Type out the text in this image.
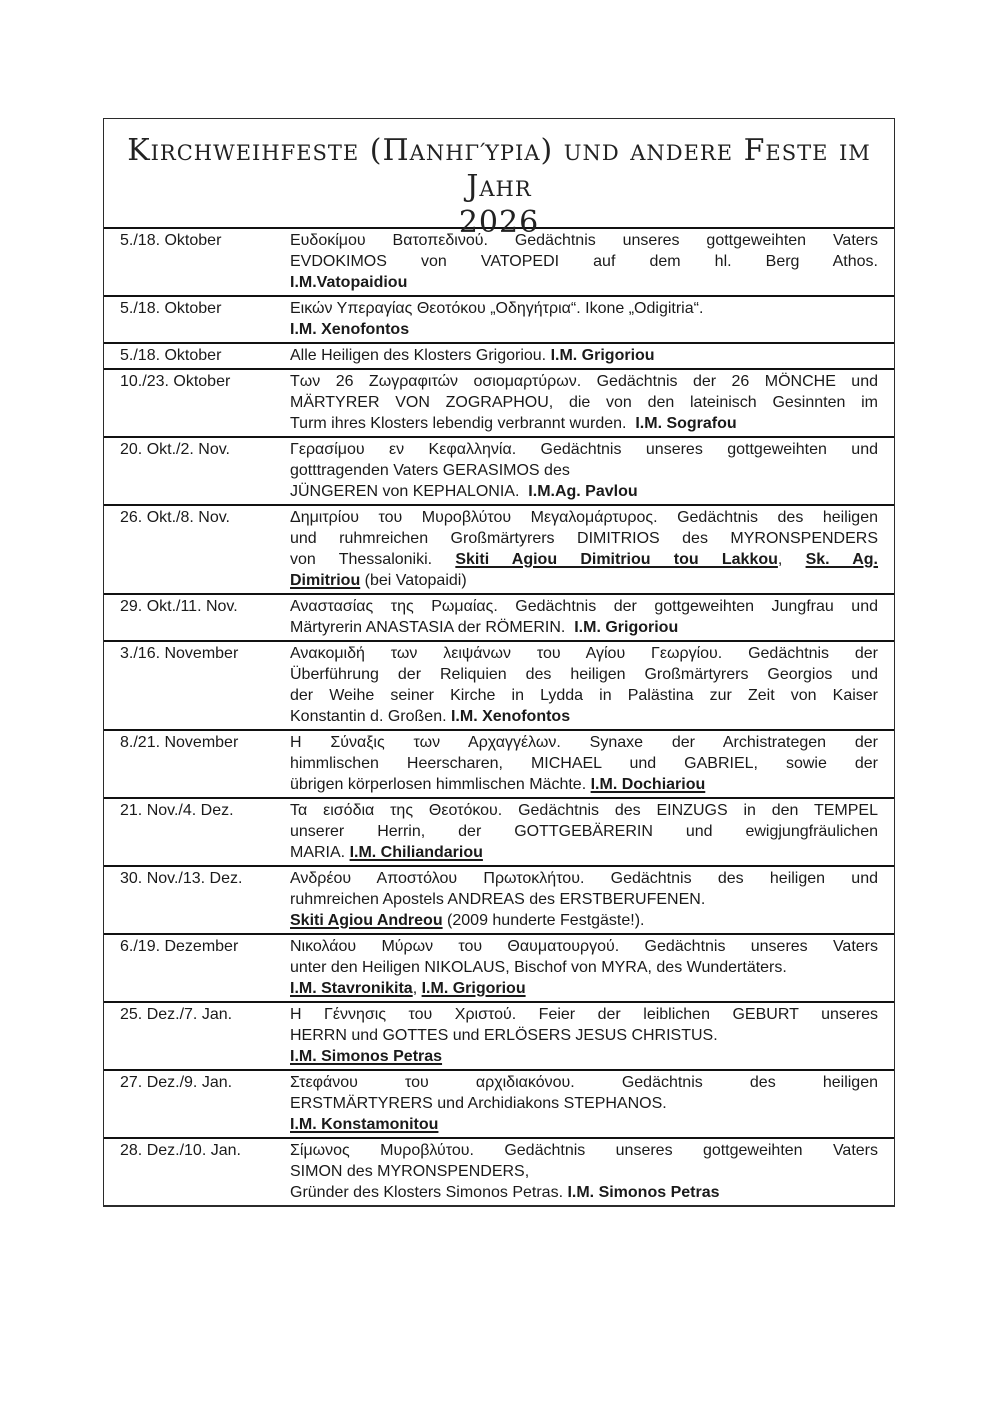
Kirchweihfeste (Πανηγύρια) und andere Feste im Jahr
2026
5./18. Oktober	Ευδοκίμου Βατοπεδινού. Gedächtnis unseres gottgeweihten Vaters
EVDOKIMOS von VATOPEDI auf dem hl. Berg Athos.
I.M.Vatopaidiou
5./18. Oktober	Εικών Υπεραγίας Θεοτόκου „Οδηγήτρια“. Ikone „Odigitria“.
I.M. Xenofontos
5./18. Oktober	Alle Heiligen des Klosters Grigoriou. I.M. Grigoriou
10./23. Oktober	Των 26 Ζωγραφιτών οσιομαρτύρων. Gedächtnis der 26 MÖNCHE und
MÄRTYRER VON ZOGRAPHOU, die von den lateinisch Gesinnten im
Turm ihres Klosters lebendig verbrannt wurden.  I.M. Sografou
20. Okt./2. Nov.	Γερασίμου εν Κεφαλληνία. Gedächtnis unseres gottgeweihten und
gotttragenden Vaters GERASIMOS des
JÜNGEREN von KEPHALONIA.  I.M.Ag. Pavlou
26. Okt./8. Nov.	Δημιτρίου του Μυροβλύτου Μεγαλομάρτυρος. Gedächtnis des heiligen
und ruhmreichen Großmärtyrers DIMITRIOS des MYRONSPENDERS
von Thessaloniki. Skiti Agiou Dimitriou tou Lakkou, Sk. Ag.
Dimitriou (bei Vatopaidi)
29. Okt./11. Nov.	Αναστασίας της Ρωμαίας. Gedächtnis der gottgeweihten Jungfrau und
Märtyrerin ANASTASIA der RÖMERIN.  I.M. Grigoriou
3./16. November	Ανακομιδή των λειψάνων του Αγίου Γεωργίου. Gedächtnis der
Überführung der Reliquien des heiligen Großmärtyrers Georgios und
der Weihe seiner Kirche in Lydda in Palästina zur Zeit von Kaiser
Konstantin d. Großen. I.M. Xenofontos
8./21. November	Η Σύναξις των Αρχαγγέλων. Synaxe der Archistrategen der
himmlischen Heerscharen, MICHAEL und GABRIEL, sowie der
übrigen körperlosen himmlischen Mächte. I.M. Dochiariou
21. Nov./4. Dez.	Τα εισόδια της Θεοτόκου. Gedächtnis des EINZUGS in den TEMPEL
unserer Herrin, der GOTTGEBÄRERIN und ewigjungfräulichen
MARIA. I.M. Chiliandariou
30. Nov./13. Dez.	Ανδρέου Αποστόλου Πρωτοκλήτου. Gedächtnis des heiligen und
ruhmreichen Apostels ANDREAS des ERSTBERUFENEN.
Skiti Agiou Andreou (2009 hunderte Festgäste!).
6./19. Dezember	Νικολάου Μύρων του Θαυματουργού. Gedächtnis unseres Vaters
unter den Heiligen NIKOLAUS, Bischof von MYRA, des Wundertäters.
I.M. Stavronikita, I.M. Grigoriou
25. Dez./7. Jan.	Η Γέννησις του Χριστού. Feier der leiblichen GEBURT unseres
HERRN und GOTTES und ERLÖSERS JESUS CHRISTUS.
I.M. Simonos Petras
27. Dez./9. Jan.	Στεφάνου του αρχιδιακόνου. Gedächtnis des heiligen
ERSTMÄRTYRERS und Archidiakons STEPHANOS.
I.M. Konstamonitou
28. Dez./10. Jan.	Σίμωνος Μυροβλύτου. Gedächtnis unseres gottgeweihten Vaters
SIMON des MYRONSPENDERS,
Gründer des Klosters Simonos Petras. I.M. Simonos Petras
